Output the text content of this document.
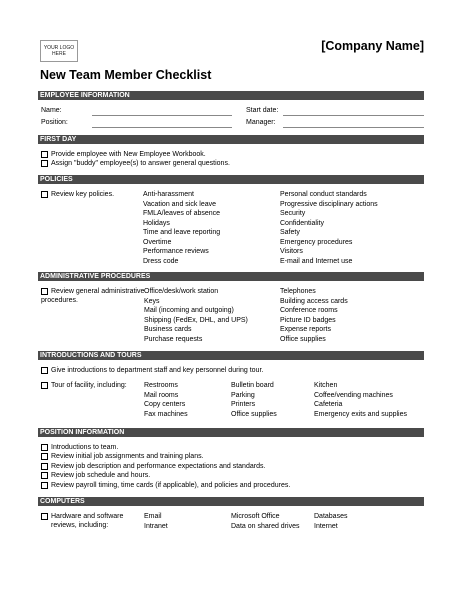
YOUR LOGO HERE
[Company Name]
New Team Member Checklist
EMPLOYEE INFORMATION
Name:
Position:
Start date:
Manager:
FIRST DAY
Provide employee with New Employee Workbook.
Assign "buddy" employee(s) to answer general questions.
POLICIES
Review key policies.	Anti-harassment
Vacation and sick leave
FMLA/leaves of absence
Holidays
Time and leave reporting
Overtime
Performance reviews
Dress code
Personal conduct standards
Progressive disciplinary actions
Security
Confidentiality
Safety
Emergency procedures
Visitors
E-mail and Internet use
ADMINISTRATIVE PROCEDURES
Review general administrative
procedures.
Office/desk/work station
Keys
Mail (incoming and outgoing)
Shipping (FedEx, DHL, and UPS)
Business cards
Purchase requests
Telephones
Building access cards
Conference rooms
Picture ID badges
Expense reports
Office supplies
INTRODUCTIONS AND TOURS
Give introductions to department staff and key personnel during tour.
Tour of facility, including: Restrooms
Mail rooms
Copy centers
Fax machines
Bulletin board
Parking
Printers
Office supplies
Kitchen
Coffee/vending machines
Cafeteria
Emergency exits and supplies
POSITION INFORMATION
Introductions to team.
Review initial job assignments and training plans.
Review job description and performance expectations and standards.
Review job schedule and hours.
Review payroll timing, time cards (if applicable), and policies and procedures.
COMPUTERS
Hardware and software
reviews, including:
Email
Intranet
Microsoft Office
Data on shared drives
Databases
Internet
